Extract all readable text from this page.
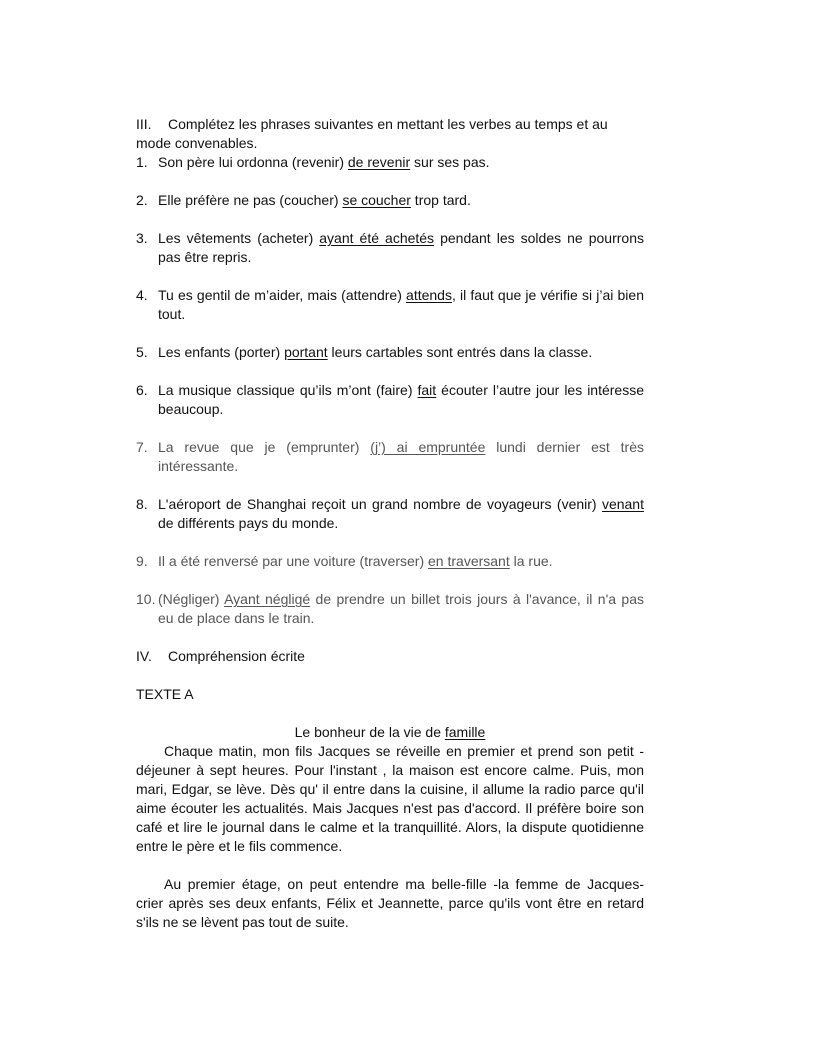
III. Complétez les phrases suivantes en mettant les verbes au temps et au mode convenables.
1. Son père lui ordonna (revenir) de revenir sur ses pas.
2. Elle préfère ne pas (coucher) se coucher trop tard.
3. Les vêtements (acheter) ayant été achetés pendant les soldes ne pourrons pas être repris.
4. Tu es gentil de m’aider, mais (attendre) attends, il faut que je vérifie si j’ai bien tout.
5. Les enfants (porter) portant leurs cartables sont entrés dans la classe.
6. La musique classique qu’ils m’ont (faire) fait écouter l’autre jour les intéresse beaucoup.
7. La revue que je (emprunter) (j’) ai empruntée lundi dernier est très intéressante.
8. L'aéroport de Shanghai reçoit un grand nombre de voyageurs (venir) venant de différents pays du monde.
9. Il a été renversé par une voiture (traverser) en traversant la rue.
10. (Négliger) Ayant négligé de prendre un billet trois jours à l'avance, il n'a pas eu de place dans le train.
IV.	Compréhension écrite
TEXTE A
Le bonheur de la vie de famille
Chaque matin, mon fils Jacques se réveille en premier et prend son petit -déjeuner à sept heures. Pour l'instant , la maison est encore calme. Puis, mon mari, Edgar, se lève. Dès qu' il entre dans la cuisine, il allume la radio parce qu'il aime écouter les actualités. Mais Jacques n'est pas d'accord. Il préfère boire son café et lire le journal dans le calme et la tranquillité. Alors, la dispute quotidienne entre le père et le fils commence.
Au premier étage, on peut entendre ma belle-fille -la femme de Jacques- crier après ses deux enfants, Félix et Jeannette, parce qu'ils vont être en retard s'ils ne se lèvent pas tout de suite.
